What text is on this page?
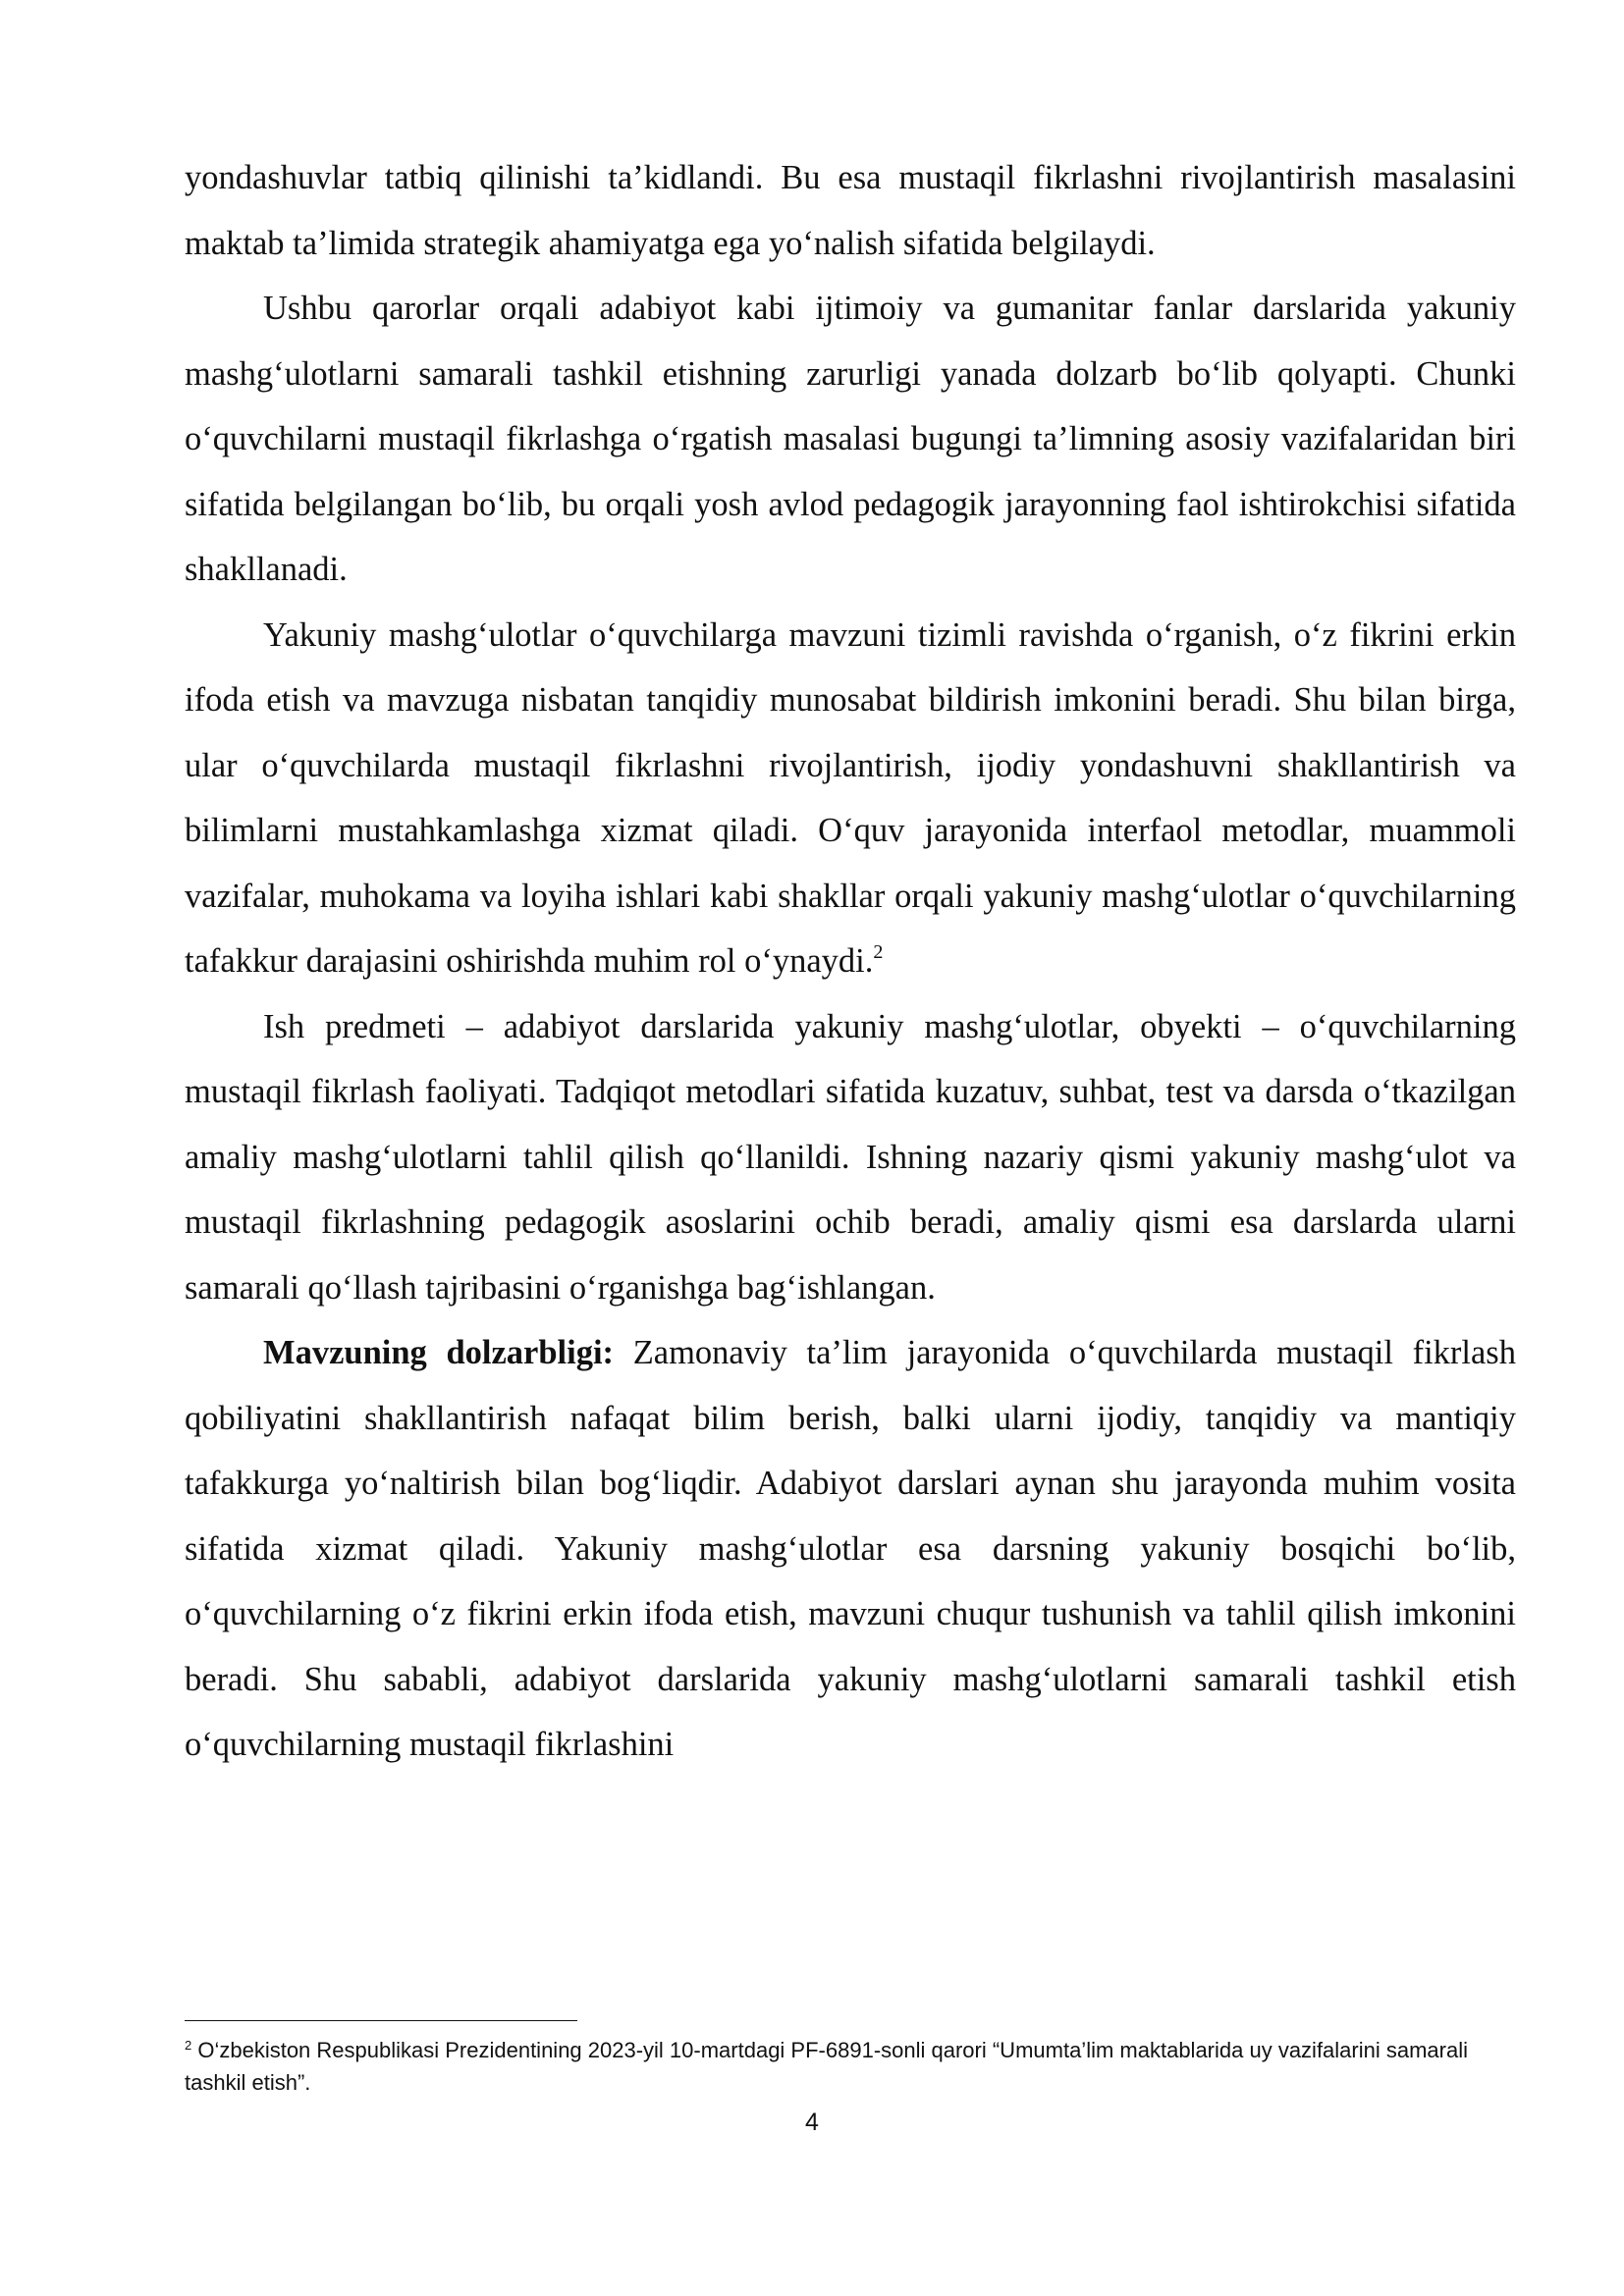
yondashuvlar tatbiq qilinishi ta’kidlandi. Bu esa mustaqil fikrlashni rivojlantirish masalasini maktab ta’limida strategik ahamiyatga ega yo‘nalish sifatida belgilaydi.

Ushbu qarorlar orqali adabiyot kabi ijtimoiy va gumanitar fanlar darslarida yakuniy mashg‘ulotlarni samarali tashkil etishning zarurligi yanada dolzarb bo‘lib qolyapti. Chunki o‘quvchilarni mustaqil fikrlashga o‘rgatish masalasi bugungi ta’limning asosiy vazifalaridan biri sifatida belgilangan bo‘lib, bu orqali yosh avlod pedagogik jarayonning faol ishtirokchisi sifatida shakllanadi.

Yakuniy mashg‘ulotlar o‘quvchilarga mavzuni tizimli ravishda o‘rganish, o‘z fikrini erkin ifoda etish va mavzuga nisbatan tanqidiy munosabat bildirish imkonini beradi. Shu bilan birga, ular o‘quvchilarda mustaqil fikrlashni rivojlantirish, ijodiy yondashuvni shakllantirish va bilimlarni mustahkamlashga xizmat qiladi. O‘quv jarayonida interfaol metodlar, muammoli vazifalar, muhokama va loyiha ishlari kabi shakllar orqali yakuniy mashg‘ulotlar o‘quvchilarning tafakkur darajasini oshirishda muhim rol o‘ynaydi.$^2$

Ish predmeti – adabiyot darslarida yakuniy mashg‘ulotlar, obyekti – o‘quvchilarning mustaqil fikrlash faoliyati. Tadqiqot metodlari sifatida kuzatuv, suhbat, test va darsda o‘tkazilgan amaliy mashg‘ulotlarni tahlil qilish qo‘llanildi. Ishning nazariy qismi yakuniy mashg‘ulot va mustaqil fikrlashning pedagogik asoslarini ochib beradi, amaliy qismi esa darslarda ularni samarali qo‘llash tajribasini o‘rganishga bag‘ishlangan.

Mavzuning dolzarbligi: Zamonaviy ta’lim jarayonida o‘quvchilarda mustaqil fikrlash qobiliyatini shakllantirish nafaqat bilim berish, balki ularni ijodiy, tanqidiy va mantiqiy tafakkurga yo‘naltirish bilan bog‘liqdir. Adabiyot darslari aynan shu jarayonda muhim vosita sifatida xizmat qiladi. Yakuniy mashg‘ulotlar esa darsning yakuniy bosqichi bo‘lib, o‘quvchilarning o‘z fikrini erkin ifoda etish, mavzuni chuqur tushunish va tahlil qilish imkonini beradi. Shu sababli, adabiyot darslarida yakuniy mashg‘ulotlarni samarali tashkil etish o‘quvchilarning mustaqil fikrlashini

$^2$ O‘zbekiston Respublikasi Prezidentining 2023-yil 10-martdagi PF-6891-sonli qarori “Umumta’lim maktablarida uy vazifalarini samarali tashkil etish”.
4
